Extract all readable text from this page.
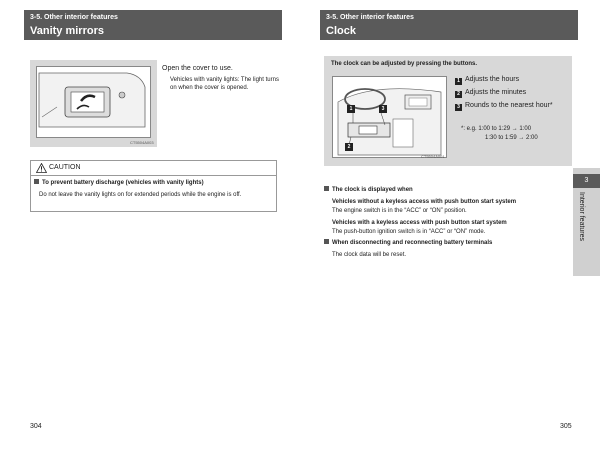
3-5. Other interior features
Vanity mirrors
CT5504A003
Open the cover to use.
Vehicles with vanity lights: The light turns on when the cover is opened.
CAUTION
To prevent battery discharge (vehicles with vanity lights)
Do not leave the vanity lights on for extended periods while the engine is off.
304
3-5. Other interior features
Clock
The clock can be adjusted by pressing the buttons.
1	3
2
CT5504A001
1 Adjusts the hours
2 Adjusts the minutes
3 Rounds to the nearest hour*
*: e.g. 1:00 to 1:29 → 1:00
1:30 to 1:59 → 2:00
The clock is displayed when
Vehicles without a keyless access with push button start system
The engine switch is in the “ACC” or “ON” position.
Vehicles with a keyless access with push button start system
The push-button ignition switch is in “ACC” or “ON” mode.
When disconnecting and reconnecting battery terminals
The clock data will be reset.
305
3
Interior features
